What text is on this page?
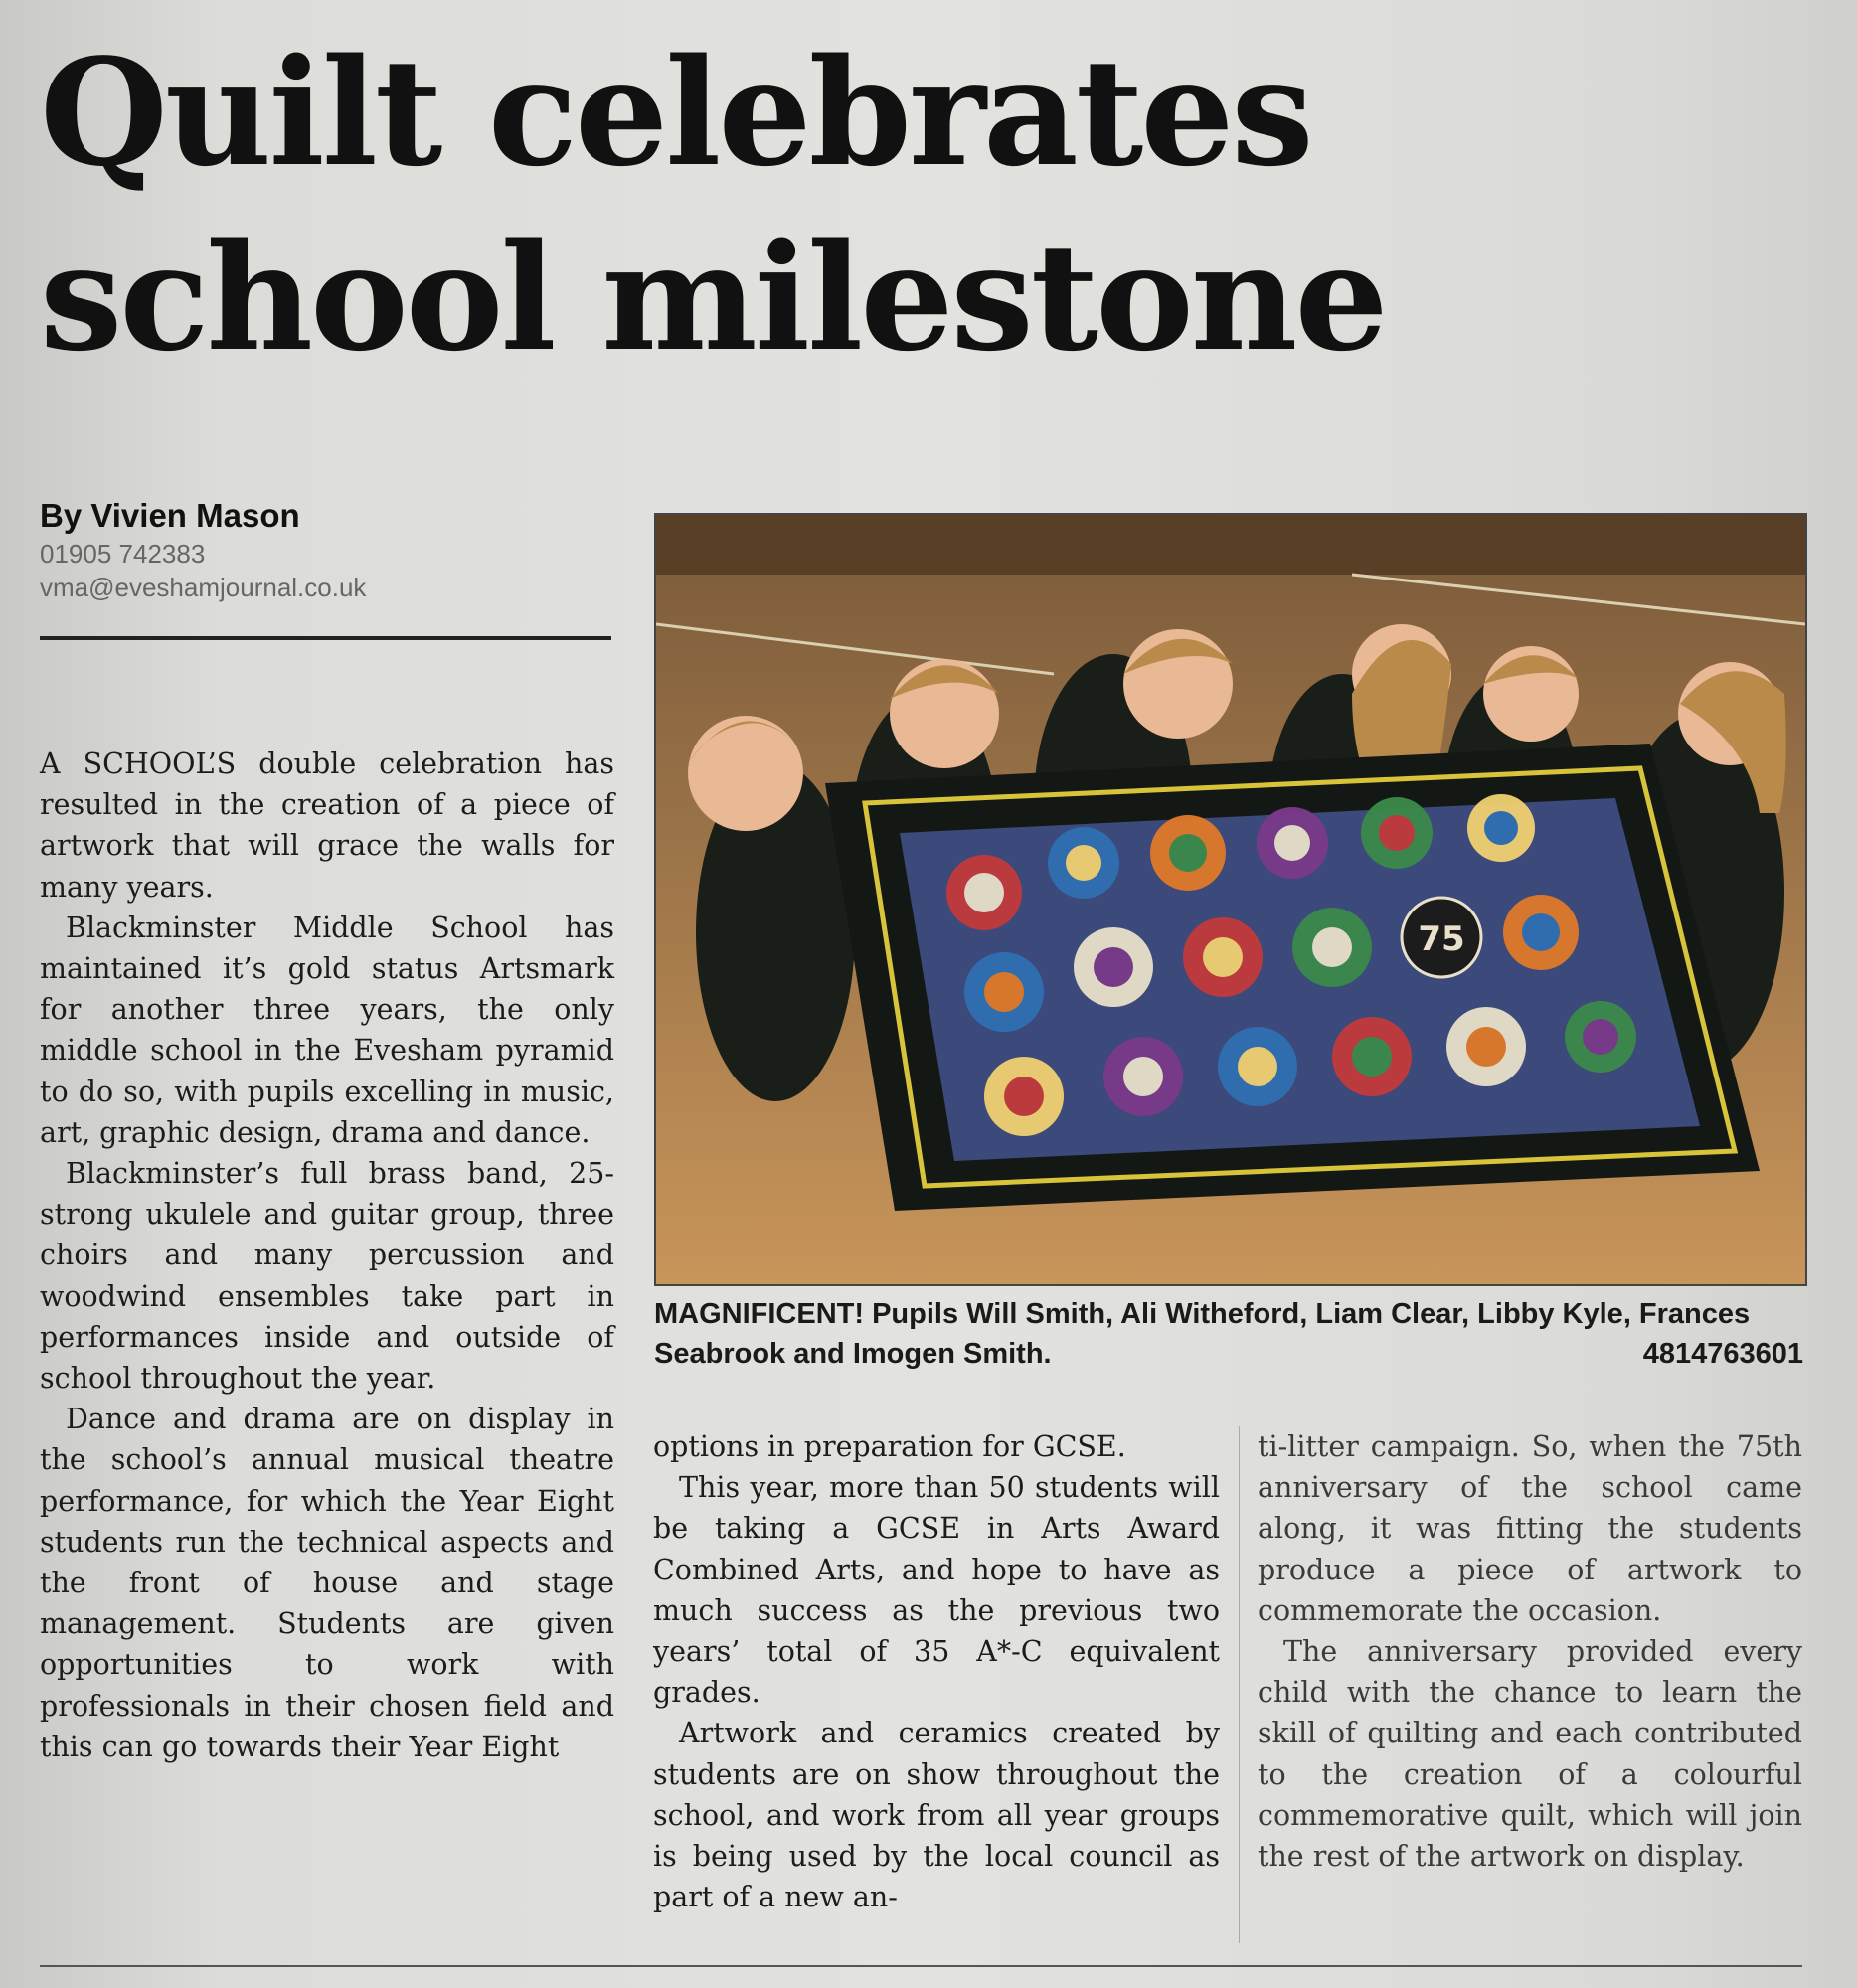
Quilt celebrates
school milestone
By Vivien Mason
01905 742383
vma@eveshamjournal.co.uk

A SCHOOL’S double celebration has resulted in the creation of a piece of artwork that will grace the walls for many years.

Blackminster Middle School has maintained it’s gold status Artsmark for another three years, the only middle school in the Evesham pyramid to do so, with pupils excelling in music, art, graphic design, drama and dance.

Blackminster’s full brass band, 25-strong ukulele and guitar group, three choirs and many percussion and woodwind ensembles take part in performances inside and outside of school throughout the year.

Dance and drama are on display in the school’s annual musical theatre performance, for which the Year Eight students run the technical aspects and the front of house and stage management. Students are given opportunities to work with professionals in their chosen field and this can go towards their Year Eight

75
MAGNIFICENT! Pupils Will Smith, Ali Witheford, Liam Clear, Libby Kyle, Frances Seabrook and Imogen Smith.	4814763601

options in preparation for GCSE.

This year, more than 50 students will be taking a GCSE in Arts Award Combined Arts, and hope to have as much success as the previous two years’ total of 35 A*-C equivalent grades.

Artwork and ceramics created by students are on show throughout the school, and work from all year groups is being used by the local council as part of a new an-

ti-litter campaign. So, when the 75th anniversary of the school came along, it was fitting the students produce a piece of artwork to commemorate the occasion.

The anniversary provided every child with the chance to learn the skill of quilting and each contributed to the creation of a colourful commemorative quilt, which will join the rest of the artwork on display.
